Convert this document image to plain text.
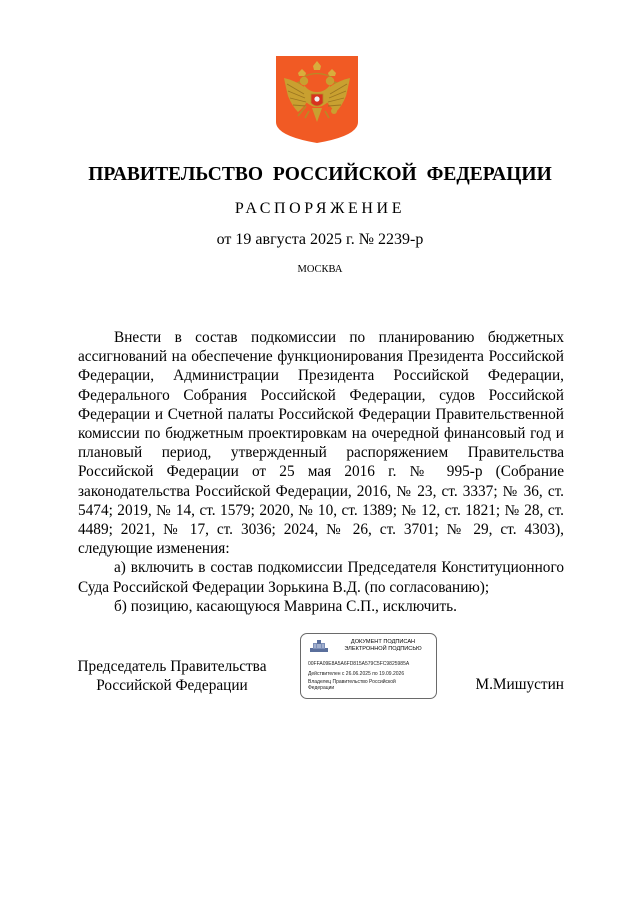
ПРАВИТЕЛЬСТВО РОССИЙСКОЙ ФЕДЕРАЦИИ
РАСПОРЯЖЕНИЕ
от 19 августа 2025 г. № 2239-р
МОСКВА

Внести в состав подкомиссии по планированию бюджетных ассигнований на обеспечение функционирования Президента Российской Федерации, Администрации Президента Российской Федерации, Федерального Собрания Российской Федерации, судов Российской Федерации и Счетной палаты Российской Федерации Правительственной комиссии по бюджетным проектировкам на очередной финансовый год и плановый период, утвержденный распоряжением Правительства Российской Федерации от 25 мая 2016 г. № 995-р (Собрание законодательства Российской Федерации, 2016, № 23, ст. 3337; № 36, ст. 5474; 2019, № 14, ст. 1579; 2020, № 10, ст. 1389; № 12, ст. 1821; № 28, ст. 4489; 2021, № 17, ст. 3036; 2024, № 26, ст. 3701; № 29, ст. 4303), следующие изменения:

а) включить в состав подкомиссии Председателя Конституционного Суда Российской Федерации Зорькина В.Д. (по согласованию);

б) позицию, касающуюся Маврина С.П., исключить.

Председатель Правительства
Российской Федерации
ДОКУМЕНТ ПОДПИСАН
ЭЛЕКТРОННОЙ ПОДПИСЬЮ
00FFA09E8A5A6FD815A579C5FC9825985A
Действителен с 26.06.2025 по 19.09.2026
Владелец Правительство Российской
Федерации	М.Мишустин
